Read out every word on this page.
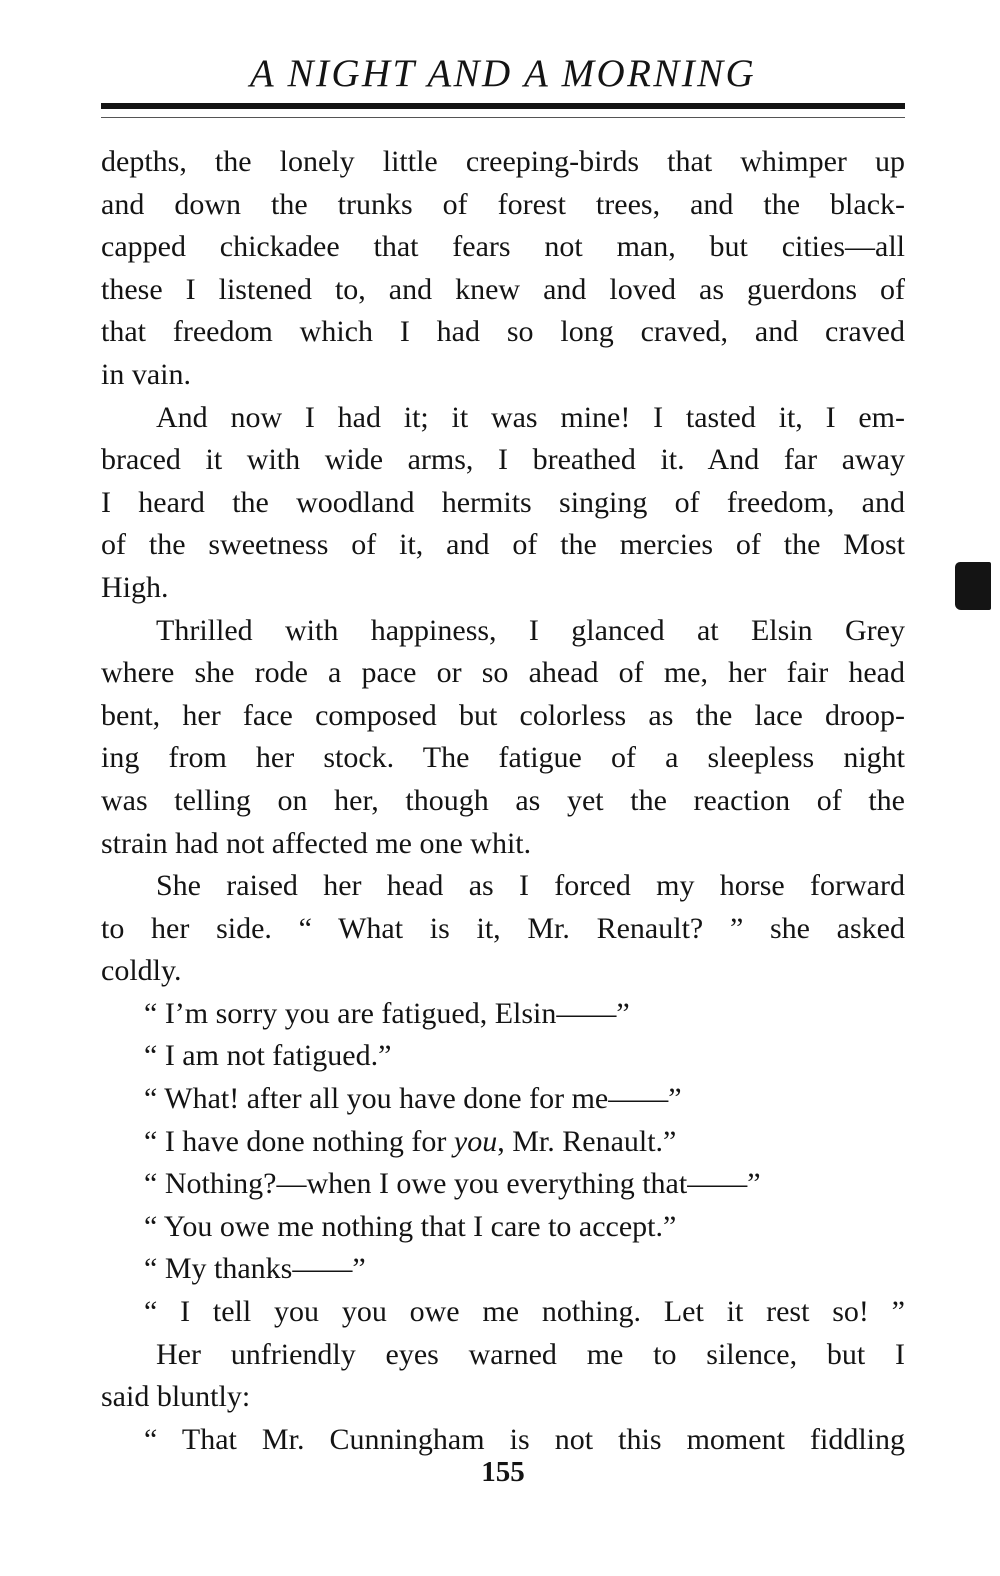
A NIGHT AND A MORNING
depths, the lonely little creeping-birds that whimper up
and down the trunks of forest trees, and the black-
capped chickadee that fears not man, but cities—all
these I listened to, and knew and loved as guerdons of
that freedom which I had so long craved, and craved
in vain.
And now I had it; it was mine! I tasted it, I em-
braced it with wide arms, I breathed it. And far away
I heard the woodland hermits singing of freedom, and
of the sweetness of it, and of the mercies of the Most
High.
Thrilled with happiness, I glanced at Elsin Grey
where she rode a pace or so ahead of me, her fair head
bent, her face composed but colorless as the lace droop-
ing from her stock. The fatigue of a sleepless night
was telling on her, though as yet the reaction of the
strain had not affected me one whit.
She raised her head as I forced my horse forward
to her side. “ What is it, Mr. Renault? ” she asked
coldly.
“ I’m sorry you are fatigued, Elsin——”
“ I am not fatigued.”
“ What! after all you have done for me——”
“ I have done nothing for you, Mr. Renault.”
“ Nothing?—when I owe you everything that——”
“ You owe me nothing that I care to accept.”
“ My thanks——”
“ I tell you you owe me nothing. Let it rest so! ”
Her unfriendly eyes warned me to silence, but I
said bluntly:
“ That Mr. Cunningham is not this moment fiddling
155
